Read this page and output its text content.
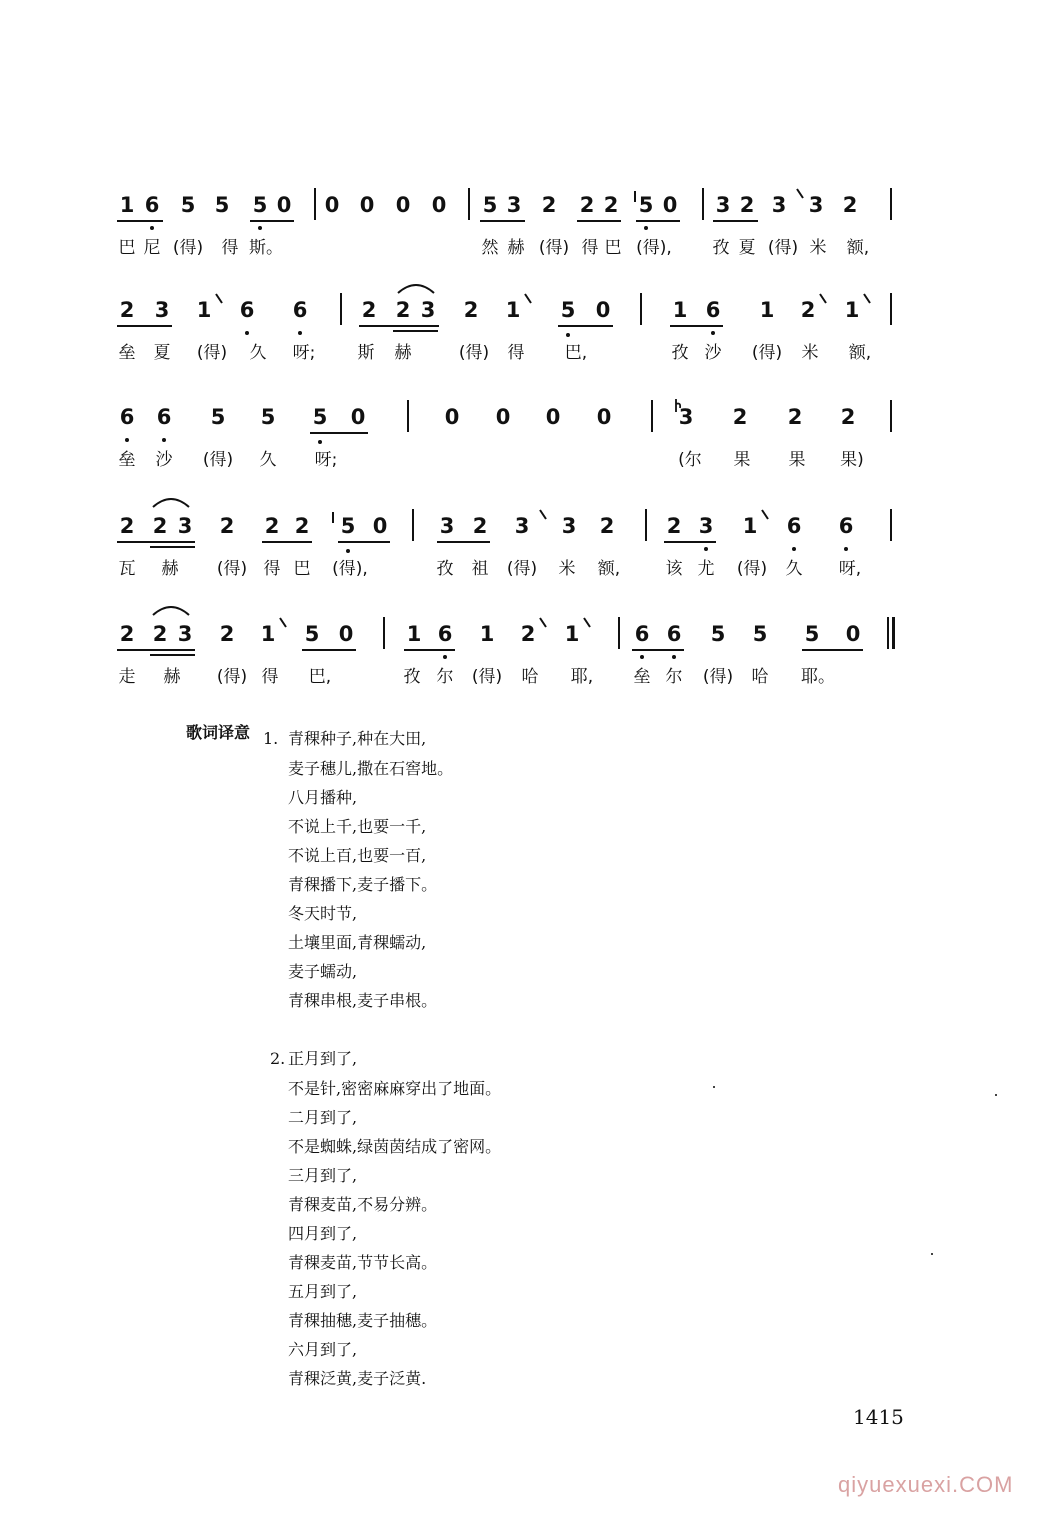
1 6 5 5 5 0 0 0 0 0 5 3 2 2 2 5 0 3 2 3 3 2
巴 尼 (得) 得 斯。	然 赫 (得) 得 巴 (得), 孜 夏 (得) 米 额,
2 3 1 6 6	2 2 3 2 1 5 0	1 6 1 2 1
垒 夏 (得) 久 呀; 斯 赫	(得) 得 巴,	孜 沙 (得) 米 额,
6 6 5 5 5 0	0 0 0 0	3 2 2 2
垒 沙 (得) 久 呀;	(尔 果 果 果)
2 2 3 2 2 2 5 0 3 2 3 3 2 2 3 1 6 6
瓦 赫 (得) 得 巴 (得),	孜 祖 (得) 米 额,	该 尤 (得) 久 呀,
2 2 3 2 1 5 0	1 6 1 2 1	6 6 5 5 5 0
走 赫 (得) 得 巴,	孜 尔 (得) 哈 耶, 垒 尔 (得) 哈 耶。
歌词译意 1. 青稞种子,种在大田,
麦子穗儿,撒在石窖地。
八月播种,
不说上千,也要一千,
不说上百,也要一百,
青稞播下,麦子播下。
冬天时节,
土壤里面,青稞蠕动,
麦子蠕动,
青稞串根,麦子串根。
2. 正月到了,
不是针,密密麻麻穿出了地面。
二月到了,
不是蜘蛛,绿茵茵结成了密网。
三月到了,
青稞麦苗,不易分辨。
四月到了,
青稞麦苗,节节长高。
五月到了,
青稞抽穗,麦子抽穗。
六月到了,
青稞泛黄,麦子泛黄.
1415
qiyuexuexi.COM
